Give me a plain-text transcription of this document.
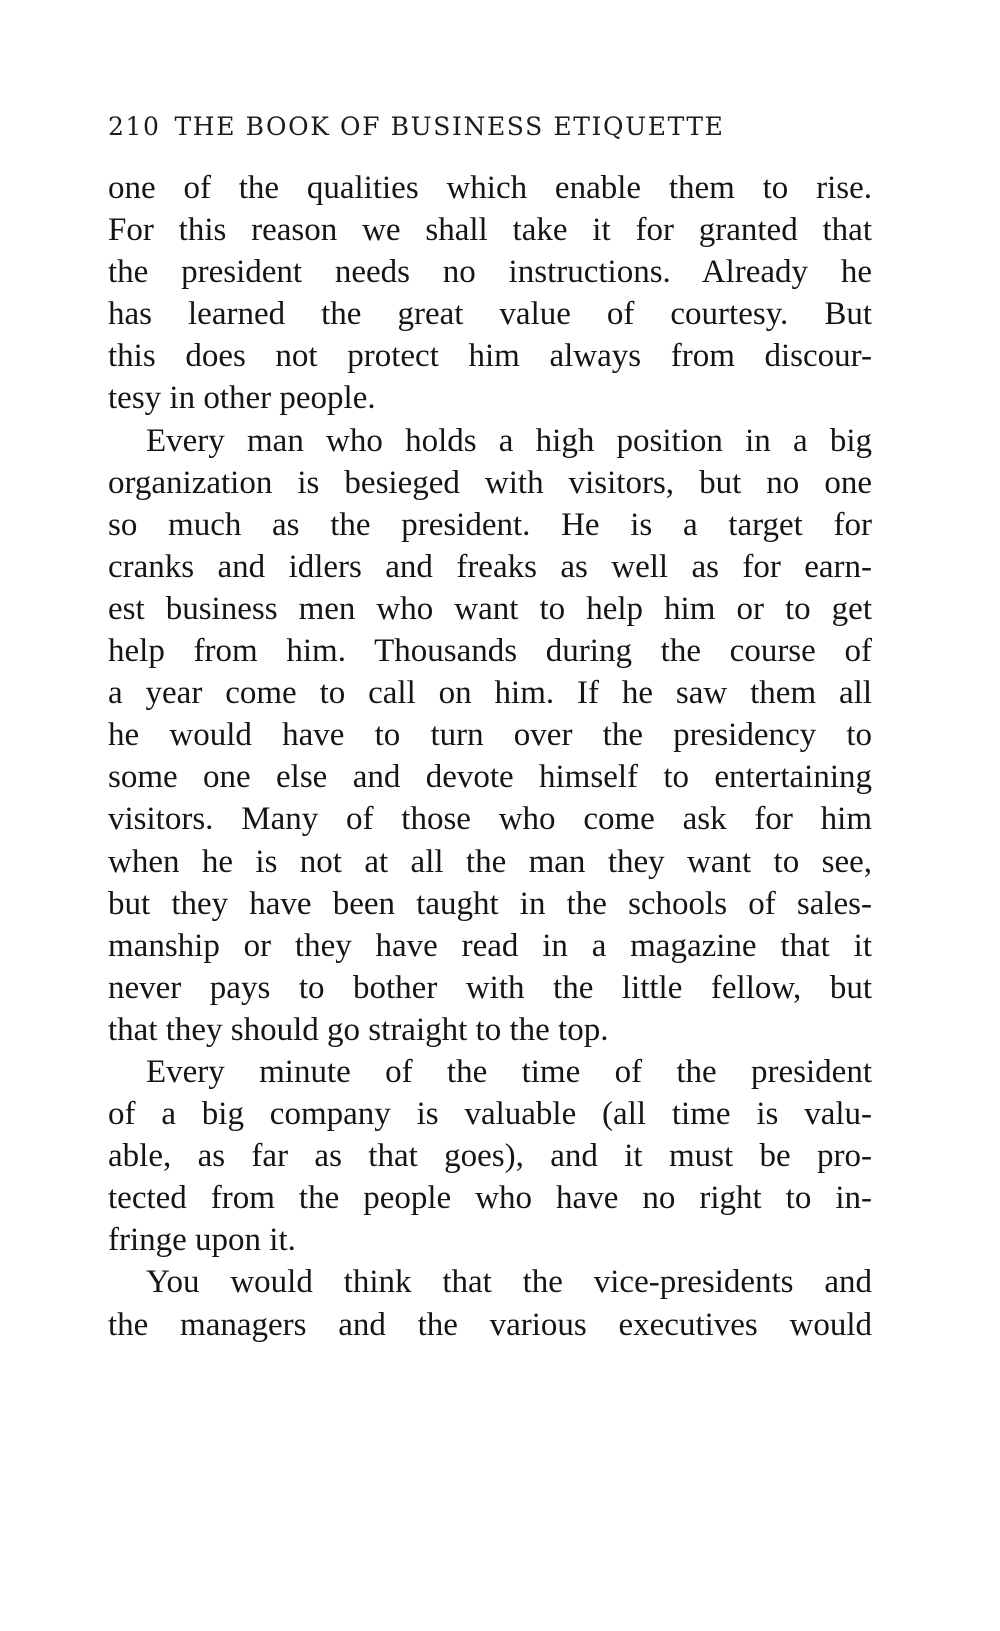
210 THE BOOK OF BUSINESS ETIQUETTE
one of the qualities which enable them to rise.
For this reason we shall take it for granted that
the president needs no instructions. Already he
has learned the great value of courtesy. But
this does not protect him always from discour-
tesy in other people.
Every man who holds a high position in a big
organization is besieged with visitors, but no one
so much as the president. He is a target for
cranks and idlers and freaks as well as for earn-
est business men who want to help him or to get
help from him. Thousands during the course of
a year come to call on him. If he saw them all
he would have to turn over the presidency to
some one else and devote himself to entertaining
visitors. Many of those who come ask for him
when he is not at all the man they want to see,
but they have been taught in the schools of sales-
manship or they have read in a magazine that it
never pays to bother with the little fellow, but
that they should go straight to the top.
Every minute of the time of the president
of a big company is valuable (all time is valu-
able, as far as that goes), and it must be pro-
tected from the people who have no right to in-
fringe upon it.
You would think that the vice-presidents and
the managers and the various executives would
